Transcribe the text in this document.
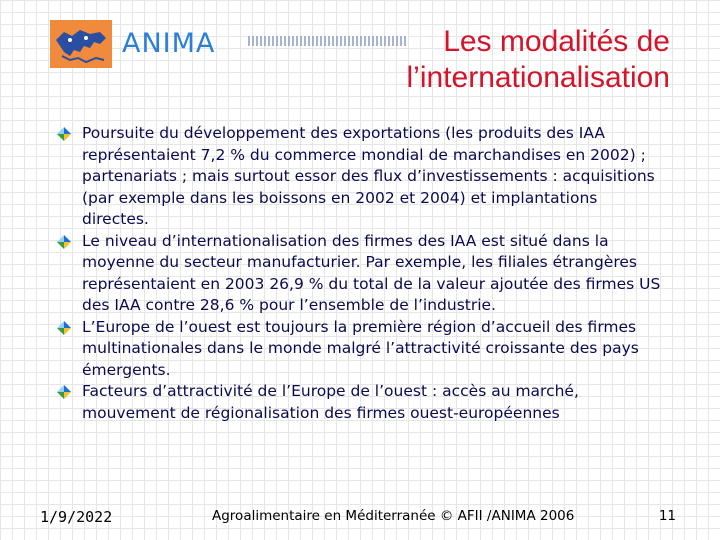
ANIMA	Les modalités de
l’internationalisation
Poursuite du développement des exportations (les produits des IAA représentaient 7,2 % du commerce mondial de marchandises en 2002) ; partenariats ; mais surtout essor des flux d’investissements : acquisitions (par exemple dans les boissons en 2002 et 2004) et implantations directes.
Le niveau d’internationalisation des firmes des IAA est situé dans la moyenne du secteur manufacturier. Par exemple, les filiales étrangères représentaient en 2003 26,9 % du total de la valeur ajoutée des firmes US des IAA contre 28,6 % pour l’ensemble de l’industrie.
L’Europe de l’ouest est toujours la première région d’accueil des firmes multinationales dans le monde malgré l’attractivité croissante des pays émergents.
Facteurs d’attractivité de l’Europe de l’ouest : accès au marché, mouvement de régionalisation des firmes ouest-européennes
1/9/2022	Agroalimentaire en Méditerranée © AFII /ANIMA 2006	11
